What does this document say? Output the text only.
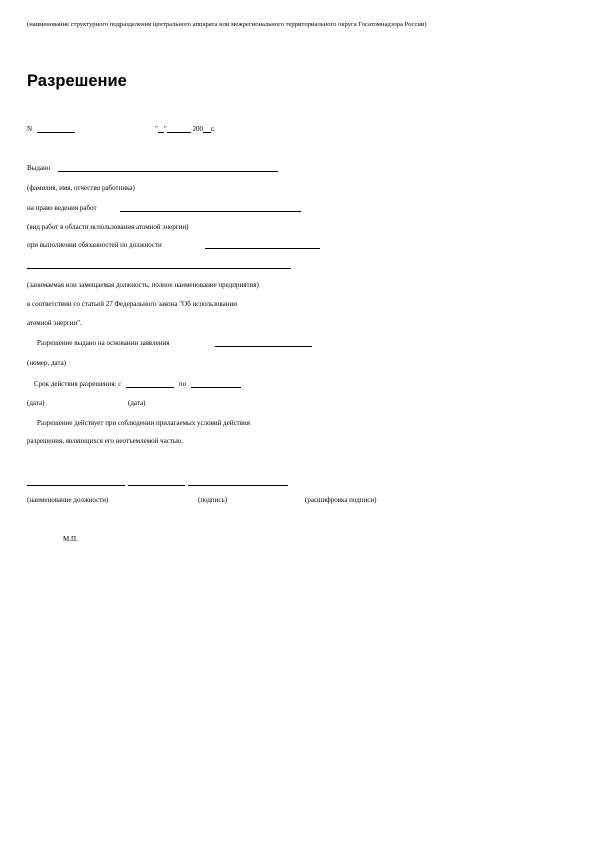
(наименование структурного подразделения центрального аппарата или межрегионального территориального округа Госатомнадзора России)
Разрешение
N	" "	200 г.
Выдано
(фамилия, имя, отчество работника)
на право ведения работ
(вид работ в области использования атомной энергии)
при выполнении обязанностей по должности
(занимаемая или замещаемая должность, полное наименование предприятия)
в соответствии со статьей 27 Федерального закона "Об использовании
атомной энергии".
Разрешение выдано на основании заявления
(номер, дата)
Срок действия разрешения: с	по
(дата)	(дата)
Разрешение действует при соблюдении прилагаемых условий действия
разрешения, являющихся его неотъемлемой частью.
(наименование должности)	(подпись)	(расшифровка подписи)
М.П.
